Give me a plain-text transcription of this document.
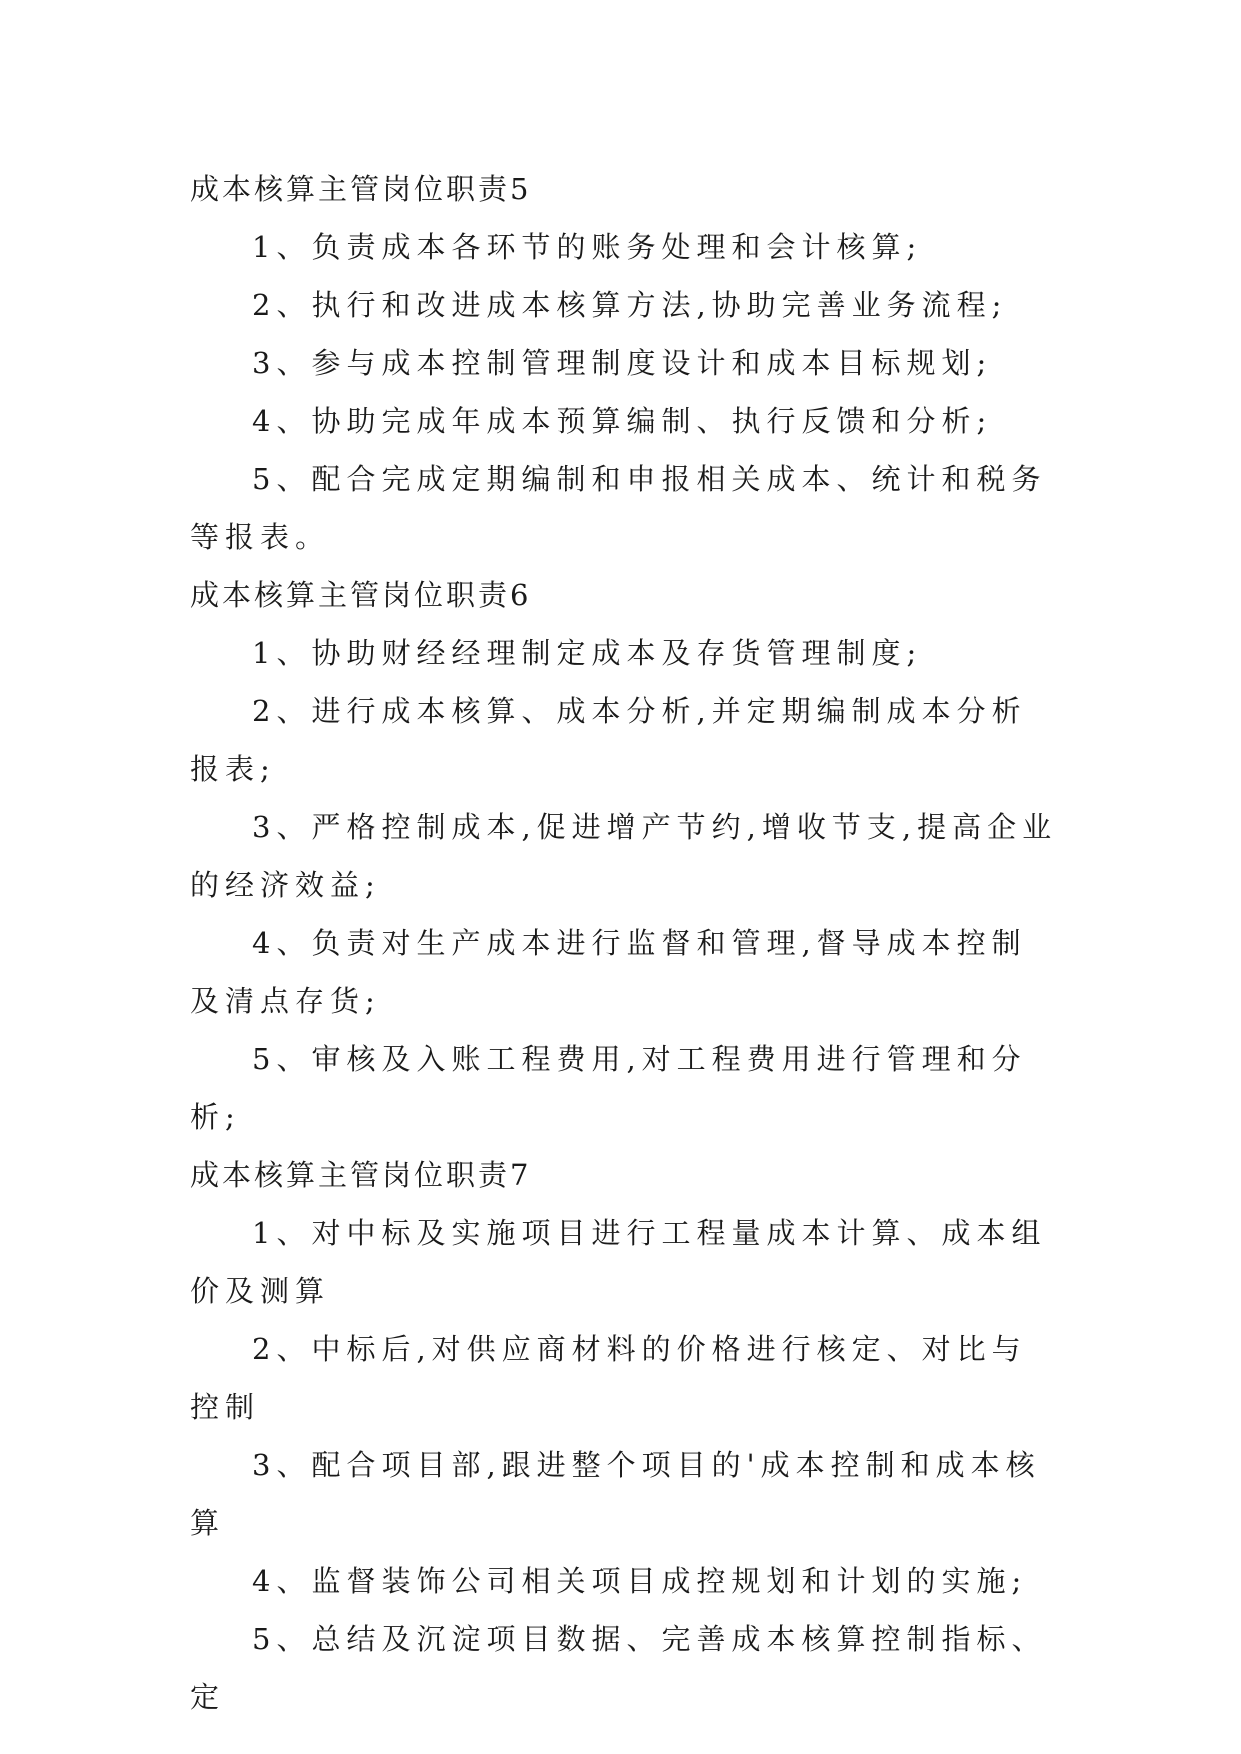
成本核算主管岗位职责5

1、负责成本各环节的账务处理和会计核算;

2、执行和改进成本核算方法,协助完善业务流程;

3、参与成本控制管理制度设计和成本目标规划;

4、协助完成年成本预算编制、执行反馈和分析;

5、配合完成定期编制和申报相关成本、统计和税务等报表。

成本核算主管岗位职责6

1、协助财经经理制定成本及存货管理制度;

2、进行成本核算、成本分析,并定期编制成本分析报表;

3、严格控制成本,促进增产节约,增收节支,提高企业的经济效益;

4、负责对生产成本进行监督和管理,督导成本控制及清点存货;

5、审核及入账工程费用,对工程费用进行管理和分析;

成本核算主管岗位职责7

1、对中标及实施项目进行工程量成本计算、成本组价及测算

2、中标后,对供应商材料的价格进行核定、对比与控制

3、配合项目部,跟进整个项目的'成本控制和成本核算

4、监督装饰公司相关项目成控规划和计划的实施;

5、总结及沉淀项目数据、完善成本核算控制指标、定
